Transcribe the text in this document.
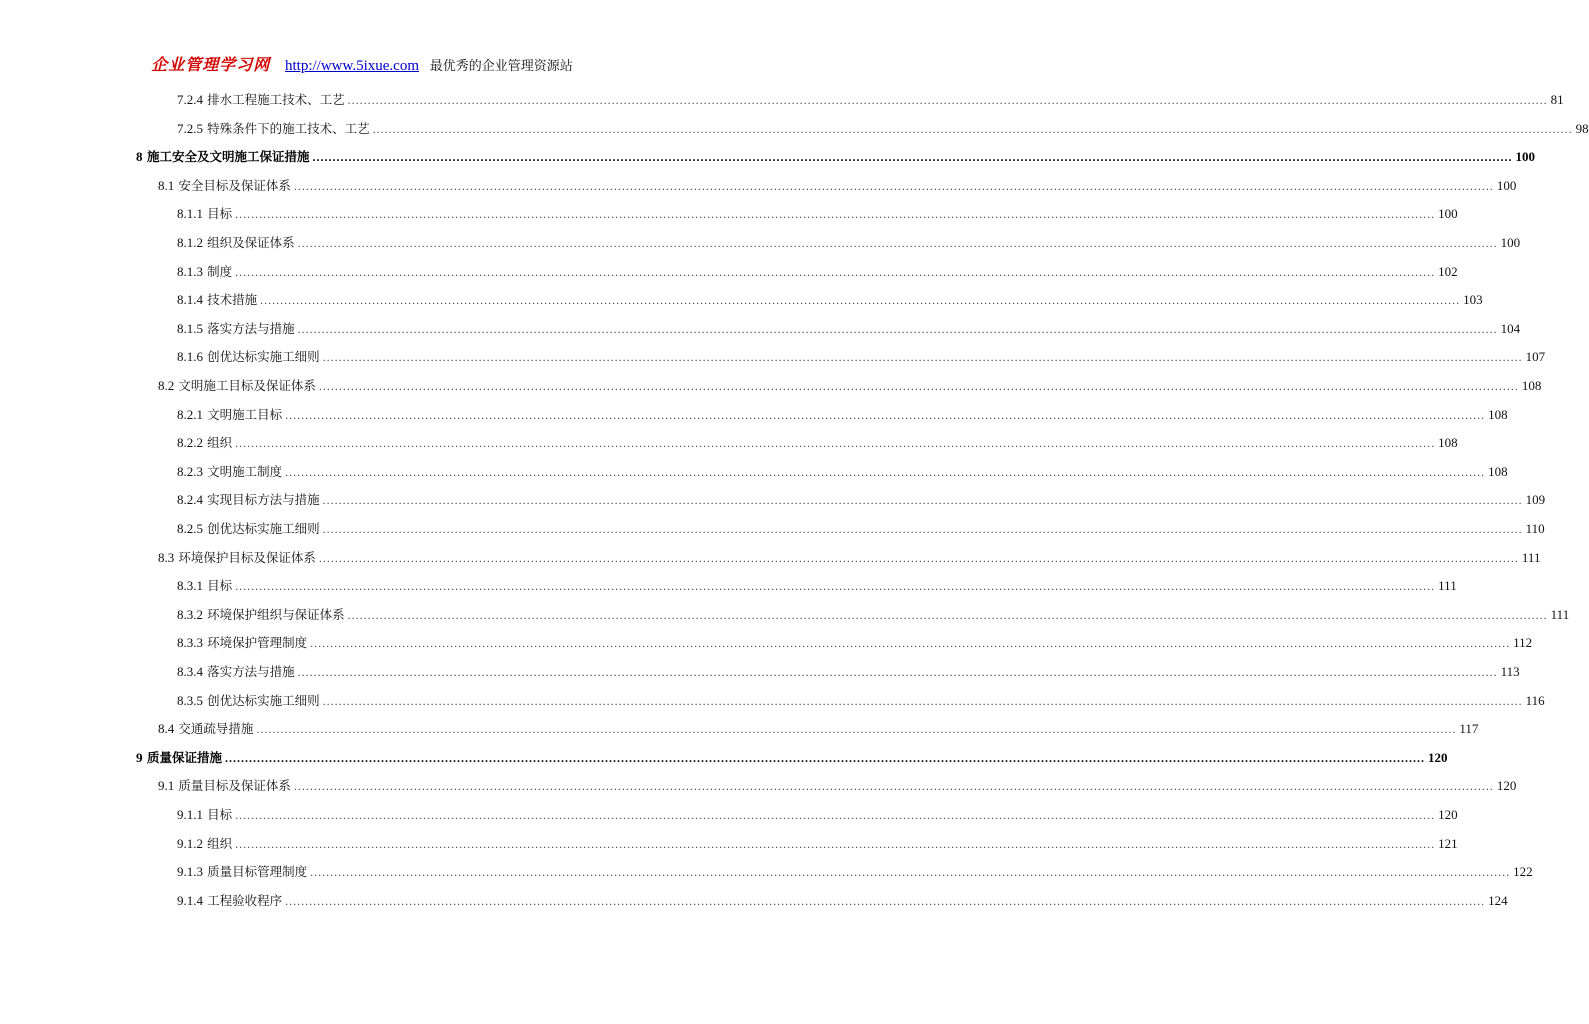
企业管理学习网 http://www.5ixue.com 最优秀的企业管理资源站
7.2.4 排水工程施工技术、工艺 ............................................................................................................................................................................................................................................................................................................ 81
7.2.5 特殊条件下的施工技术、工艺 ............................................................................................................................................................................................................................................................................................................ 98
8 施工安全及文明施工保证措施 ............................................................................................................................................................................................................................................................................................................ 100
8.1 安全目标及保证体系 ............................................................................................................................................................................................................................................................................................................ 100
8.1.1 目标 ............................................................................................................................................................................................................................................................................................................ 100
8.1.2 组织及保证体系 ............................................................................................................................................................................................................................................................................................................ 100
8.1.3 制度 ............................................................................................................................................................................................................................................................................................................ 102
8.1.4 技术措施 ............................................................................................................................................................................................................................................................................................................ 103
8.1.5 落实方法与措施 ............................................................................................................................................................................................................................................................................................................ 104
8.1.6 创优达标实施工细则 ............................................................................................................................................................................................................................................................................................................ 107
8.2 文明施工目标及保证体系 ............................................................................................................................................................................................................................................................................................................ 108
8.2.1 文明施工目标 ............................................................................................................................................................................................................................................................................................................ 108
8.2.2 组织 ............................................................................................................................................................................................................................................................................................................ 108
8.2.3 文明施工制度 ............................................................................................................................................................................................................................................................................................................ 108
8.2.4 实现目标方法与措施 ............................................................................................................................................................................................................................................................................................................ 109
8.2.5 创优达标实施工细则 ............................................................................................................................................................................................................................................................................................................ 110
8.3 环境保护目标及保证体系 ............................................................................................................................................................................................................................................................................................................ 111
8.3.1 目标 ............................................................................................................................................................................................................................................................................................................ 111
8.3.2 环境保护组织与保证体系 ............................................................................................................................................................................................................................................................................................................ 111
8.3.3 环境保护管理制度 ............................................................................................................................................................................................................................................................................................................ 112
8.3.4 落实方法与措施 ............................................................................................................................................................................................................................................................................................................ 113
8.3.5 创优达标实施工细则 ............................................................................................................................................................................................................................................................................................................ 116
8.4 交通疏导措施 ............................................................................................................................................................................................................................................................................................................ 117
9 质量保证措施 ............................................................................................................................................................................................................................................................................................................ 120
9.1 质量目标及保证体系 ............................................................................................................................................................................................................................................................................................................ 120
9.1.1 目标 ............................................................................................................................................................................................................................................................................................................ 120
9.1.2 组织 ............................................................................................................................................................................................................................................................................................................ 121
9.1.3 质量目标管理制度 ............................................................................................................................................................................................................................................................................................................ 122
9.1.4 工程验收程序 ............................................................................................................................................................................................................................................................................................................ 124
